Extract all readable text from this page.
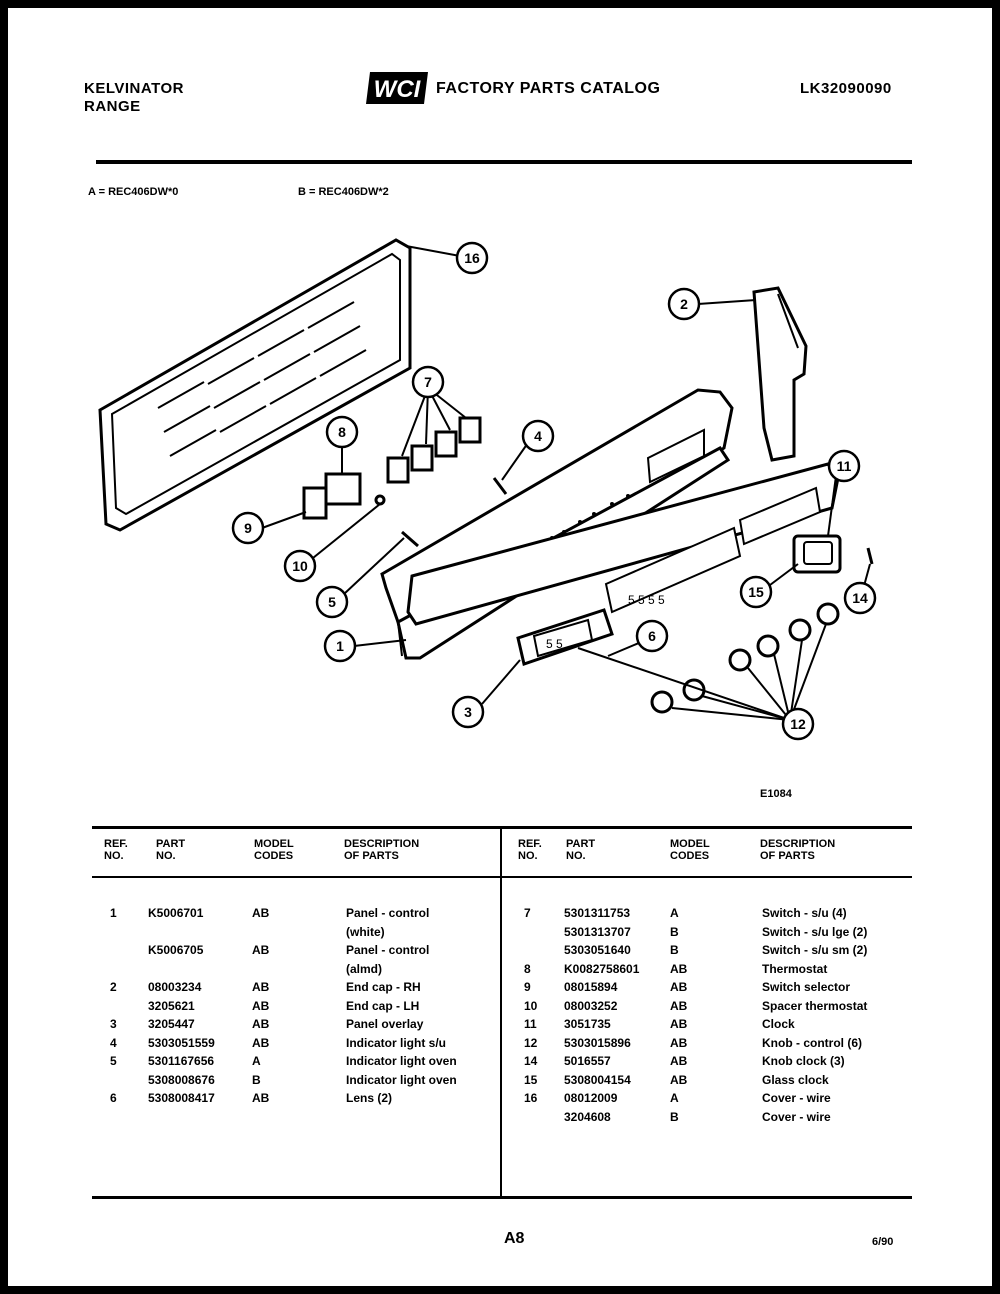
KELVINATOR
RANGE
WCI FACTORY PARTS CATALOG	LK32090090
A = REC406DW*0	B = REC406DW*2
5 5 5 5
5 5
16
2
7
4
8
9
10
5
1
3
6
11
15	14
12
E1084
REF.
NO.
PART
NO.
MODEL
CODES
DESCRIPTION
OF PARTS
REF.
NO.
PART
NO.
MODEL
CODES
DESCRIPTION
OF PARTS
1	K5006701	AB	Panel - control
(white)
K5006705	AB	Panel - control
(almd)
2	08003234	AB	End cap - RH
3205621	AB	End cap - LH
3	3205447	AB	Panel overlay
4	5303051559	AB	Indicator light s/u
5	5301167656	A	Indicator light oven
5308008676	B	Indicator light oven
6	5308008417	AB	Lens (2)
7	5301311753	A	Switch - s/u (4)
5301313707	B	Switch - s/u lge (2)
5303051640	B	Switch - s/u sm (2)
8	K0082758601	AB	Thermostat
9	08015894	AB	Switch selector
10 08003252	AB	Spacer thermostat
11 3051735	AB	Clock
12 5303015896	AB	Knob - control (6)
14 5016557	AB	Knob clock (3)
15 5308004154	AB	Glass clock
16 08012009	A	Cover - wire
3204608	B	Cover - wire
A8	6/90
